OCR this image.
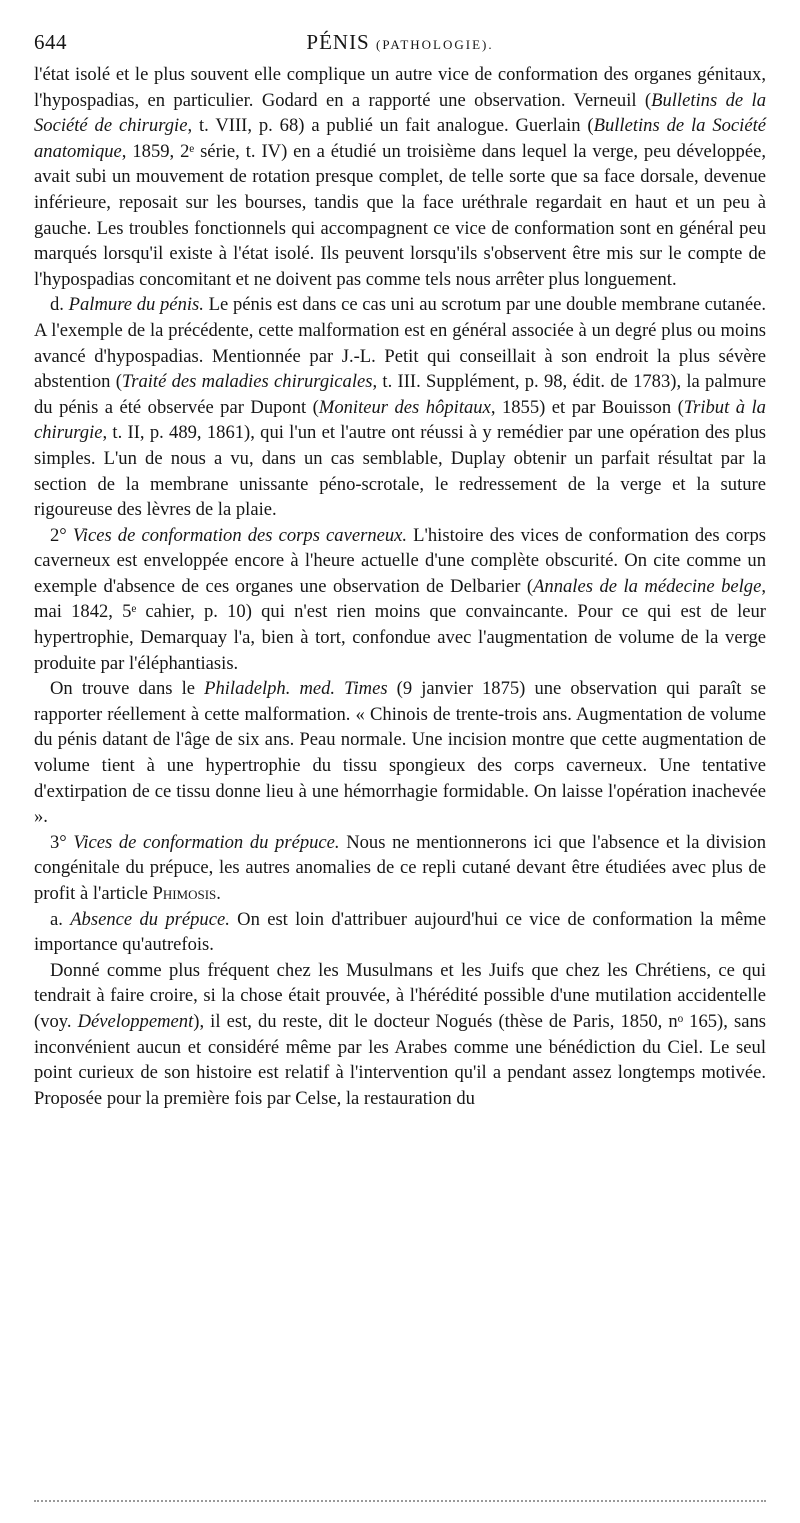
644	PÉNIS (PATHOLOGIE).

l'état isolé et le plus souvent elle complique un autre vice de conformation des organes génitaux, l'hypospadias, en particulier. Godard en a rapporté une observation. Verneuil (Bulletins de la Société de chirurgie, t. VIII, p. 68) a publié un fait analogue. Guerlain (Bulletins de la Société anatomique, 1859, 2ᵉ série, t. IV) en a étudié un troisième dans lequel la verge, peu développée, avait subi un mouvement de rotation presque complet, de telle sorte que sa face dorsale, devenue inférieure, reposait sur les bourses, tandis que la face uréthrale regardait en haut et un peu à gauche. Les troubles fonctionnels qui accompagnent ce vice de conformation sont en général peu marqués lorsqu'il existe à l'état isolé. Ils peuvent lorsqu'ils s'observent être mis sur le compte de l'hypospadias concomitant et ne doivent pas comme tels nous arrêter plus longuement.

d. Palmure du pénis. Le pénis est dans ce cas uni au scrotum par une double membrane cutanée. A l'exemple de la précédente, cette malformation est en général associée à un degré plus ou moins avancé d'hypospadias. Mentionnée par J.-L. Petit qui conseillait à son endroit la plus sévère abstention (Traité des maladies chirurgicales, t. III. Supplément, p. 98, édit. de 1783), la palmure du pénis a été observée par Dupont (Moniteur des hôpitaux, 1855) et par Bouisson (Tribut à la chirurgie, t. II, p. 489, 1861), qui l'un et l'autre ont réussi à y remédier par une opération des plus simples. L'un de nous a vu, dans un cas semblable, Duplay obtenir un parfait résultat par la section de la membrane unissante péno-scrotale, le redressement de la verge et la suture rigoureuse des lèvres de la plaie.

2° Vices de conformation des corps caverneux. L'histoire des vices de conformation des corps caverneux est enveloppée encore à l'heure actuelle d'une complète obscurité. On cite comme un exemple d'absence de ces organes une observation de Delbarier (Annales de la médecine belge, mai 1842, 5ᵉ cahier, p. 10) qui n'est rien moins que convaincante. Pour ce qui est de leur hypertrophie, Demarquay l'a, bien à tort, confondue avec l'augmentation de volume de la verge produite par l'éléphantiasis.

On trouve dans le Philadelph. med. Times (9 janvier 1875) une observation qui paraît se rapporter réellement à cette malformation. « Chinois de trente-trois ans. Augmentation de volume du pénis datant de l'âge de six ans. Peau normale. Une incision montre que cette augmentation de volume tient à une hypertrophie du tissu spongieux des corps caverneux. Une tentative d'extirpation de ce tissu donne lieu à une hémorrhagie formidable. On laisse l'opération inachevée ».

3° Vices de conformation du prépuce. Nous ne mentionnerons ici que l'absence et la division congénitale du prépuce, les autres anomalies de ce repli cutané devant être étudiées avec plus de profit à l'article Phimosis.

a. Absence du prépuce. On est loin d'attribuer aujourd'hui ce vice de conformation la même importance qu'autrefois.

Donné comme plus fréquent chez les Musulmans et les Juifs que chez les Chrétiens, ce qui tendrait à faire croire, si la chose était prouvée, à l'hérédité possible d'une mutilation accidentelle (voy. Développement), il est, du reste, dit le docteur Nogués (thèse de Paris, 1850, nᵒ 165), sans inconvénient aucun et considéré même par les Arabes comme une bénédiction du Ciel. Le seul point curieux de son histoire est relatif à l'intervention qu'il a pendant assez longtemps motivée. Proposée pour la première fois par Celse, la restauration du
